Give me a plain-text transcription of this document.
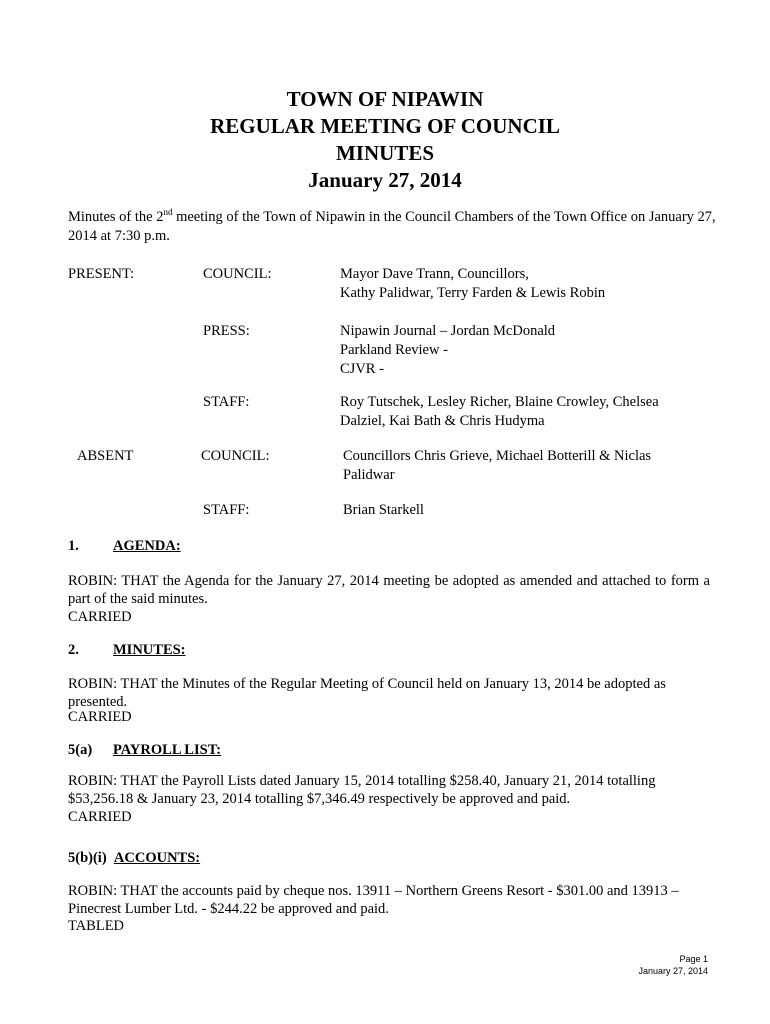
TOWN OF NIPAWIN
REGULAR MEETING OF COUNCIL
MINUTES
January 27, 2014
Minutes of the 2nd meeting of the Town of Nipawin in the Council Chambers of the Town Office on January 27, 2014 at 7:30 p.m.
PRESENT:	COUNCIL:	Mayor Dave Trann, Councillors,
Kathy Palidwar, Terry Farden & Lewis Robin
PRESS:	Nipawin Journal – Jordan McDonald
Parkland Review -
CJVR -
STAFF:	Roy Tutschek, Lesley Richer, Blaine Crowley, Chelsea
Dalziel, Kai Bath & Chris Hudyma
ABSENT	COUNCIL:	Councillors Chris Grieve, Michael Botterill & Niclas
Palidwar
STAFF:	Brian Starkell
1. AGENDA:
ROBIN: THAT the Agenda for the January 27, 2014 meeting be adopted as amended and attached to form a part of the said minutes.
CARRIED
2. MINUTES:
ROBIN: THAT the Minutes of the Regular Meeting of Council held on January 13, 2014 be adopted as presented.
CARRIED
5(a) PAYROLL LIST:
ROBIN: THAT the Payroll Lists dated January 15, 2014 totalling $258.40, January 21, 2014 totalling $53,256.18 & January 23, 2014 totalling $7,346.49 respectively be approved and paid.
CARRIED
5(b)(i) ACCOUNTS:
ROBIN: THAT the accounts paid by cheque nos. 13911 – Northern Greens Resort - $301.00 and 13913 – Pinecrest Lumber Ltd. - $244.22 be approved and paid.
TABLED
Page 1
January 27, 2014
